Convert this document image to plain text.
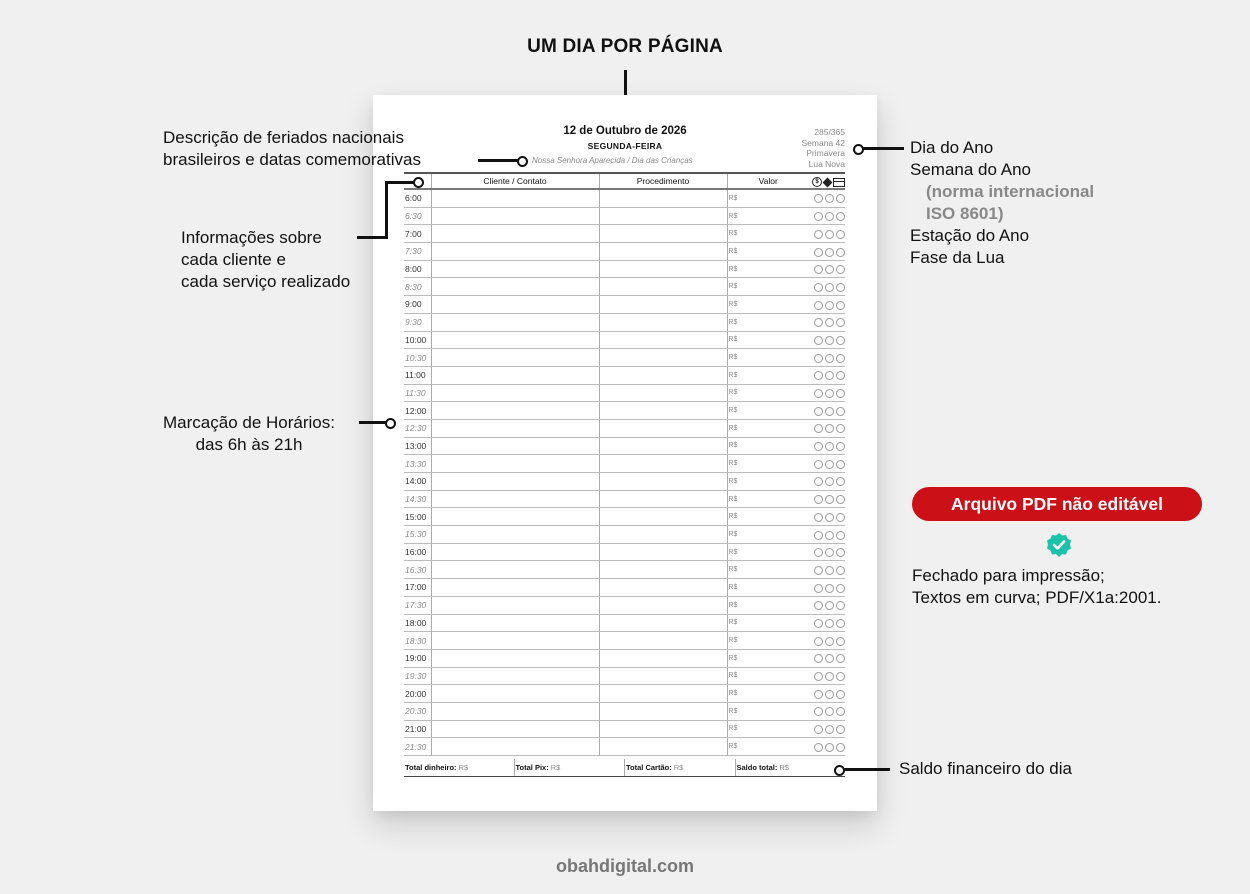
UM DIA POR PÁGINA
12 de Outubro de 2026
SEGUNDA-FEIRA
Nossa Senhora Aparecida / Dia das Crianças
285/365
Semana 42
Primavera
Lua Nova
	Cliente / Contato	Procedimento	Valor	$

6:00			R$	
6:30			R$	
7:00			R$	
7:30			R$	
8:00			R$	
8:30			R$	
9:00			R$	
9:30			R$	
10:00			R$	
10:30			R$	
11:00			R$	
11:30			R$	
12:00			R$	
12:30			R$	
13:00			R$	
13:30			R$	
14:00			R$	
14:30			R$	
15:00			R$	
15:30			R$	
16:00			R$	
16:30			R$	
17:00			R$	
17:30			R$	
18:00			R$	
18:30			R$	
19:00			R$	
19:30			R$	
20:00			R$	
20:30			R$	
21:00			R$	
21:30			R$	
Total dinheiro: R$	Total Pix: R$	Total Cartão: R$	Saldo total: R$
Descrição de feriados nacionais
brasileiros e datas comemorativas
Informações sobre
cada cliente e
cada serviço realizado
Marcação de Horários:
das 6h às 21h
Dia do Ano
Semana do Ano
(norma internacional
ISO 8601)
Estação do Ano
Fase da Lua
Arquivo PDF não editável
Fechado para impressão;
Textos em curva; PDF/X1a:2001.
Saldo financeiro do dia
obahdigital.com
